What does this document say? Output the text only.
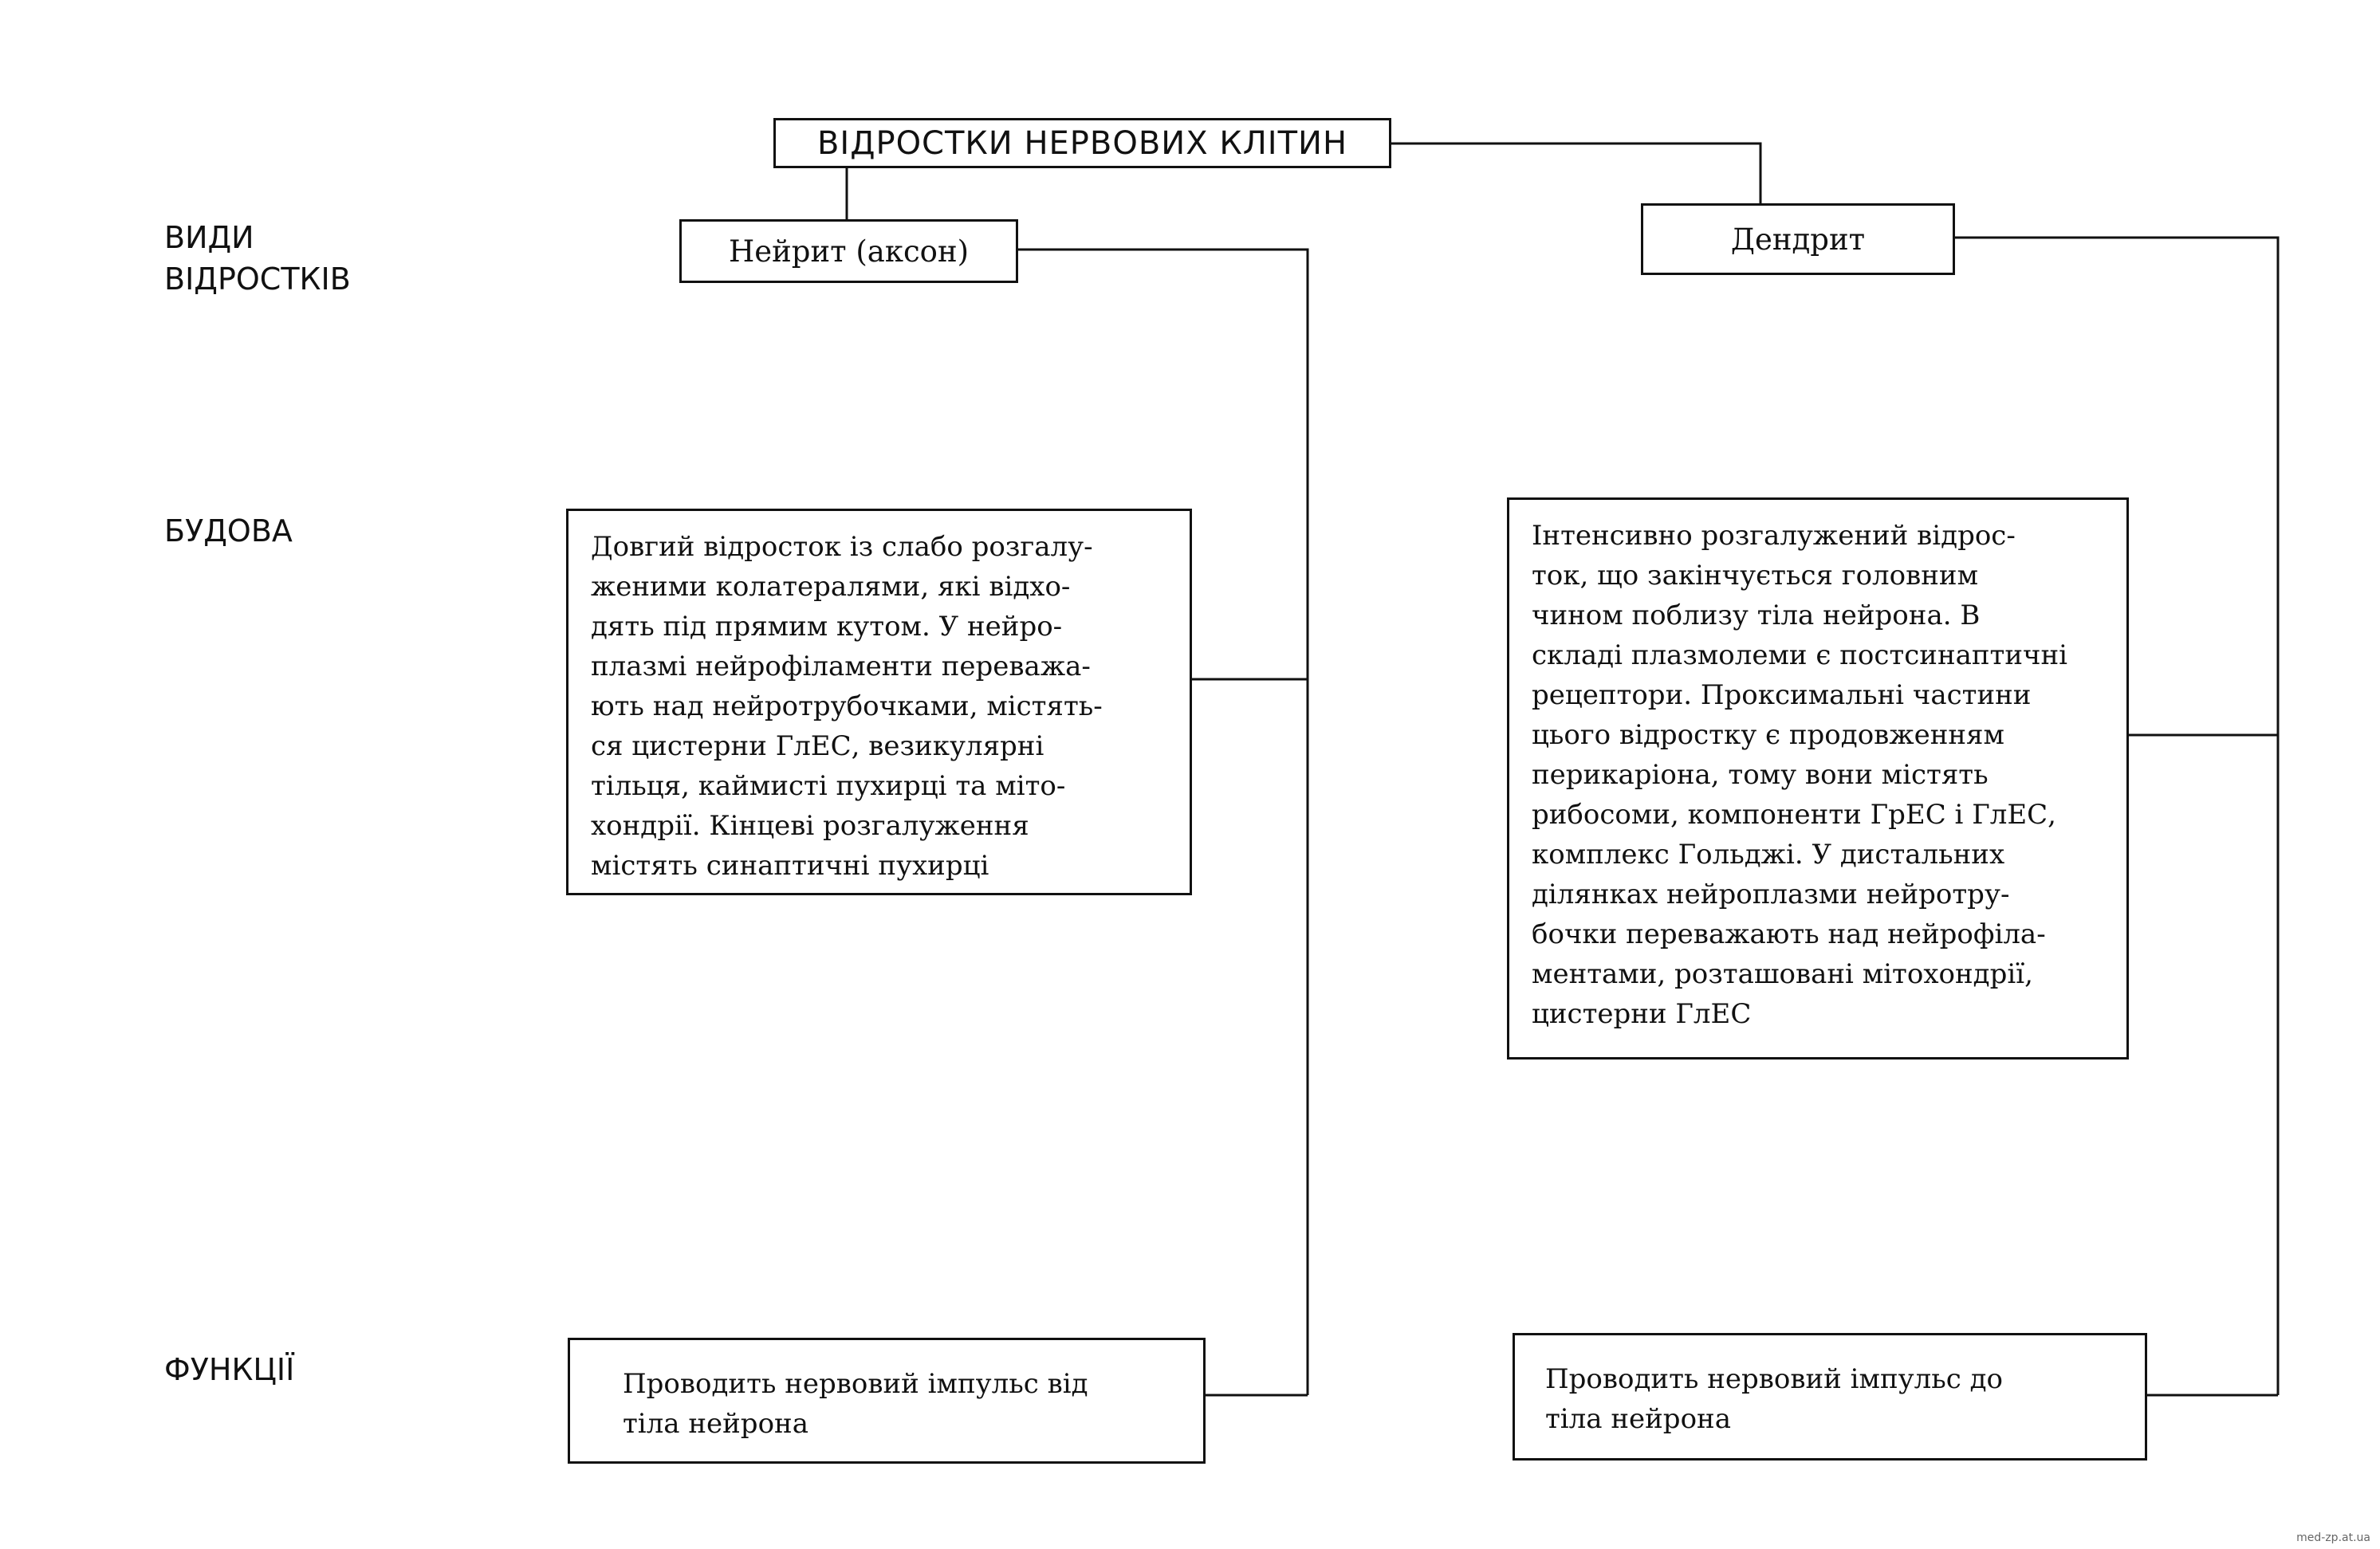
ВИДИ
ВІДРОСТКІВ
БУДОВА
ФУНКЦІЇ
ВІДРОСТКИ НЕРВОВИХ КЛІТИН
Нейрит (аксон)
Довгий відросток із слабо розгалу-
женими колатералями, які відхо-
дять під прямим кутом. У нейро-
плазмі нейрофіламенти переважа-
ють над нейротрубочками, містять-
ся цистерни ГлЕС, везикулярні
тільця, каймисті пухирці та міто-
хондрії. Кінцеві розгалуження
містять синаптичні пухирці
Проводить нервовий імпульс від
тіла нейрона
Дендрит
Інтенсивно розгалужений відрос-
ток, що закінчується головним
чином поблизу тіла нейрона. В
складі плазмолеми є постсинаптичні
рецептори. Проксимальні частини
цього відростку є продовженням
перикаріона, тому вони містять
рибосоми, компоненти ГрЕС і ГлЕС,
комплекс Гольджі. У дистальних
ділянках нейроплазми нейротру-
бочки переважають над нейрофіла-
ментами, розташовані мітохондрії,
цистерни ГлЕС
Проводить нервовий імпульс до
тіла нейрона
med-zp.at.ua
